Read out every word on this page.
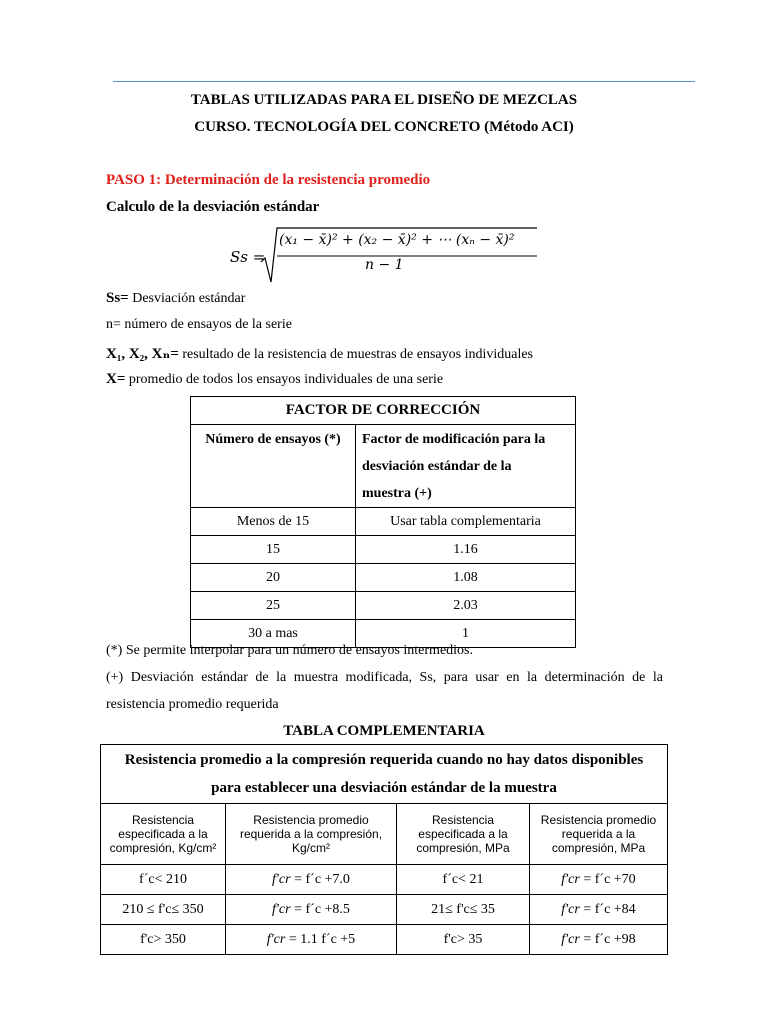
TABLAS UTILIZADAS PARA EL DISEÑO DE MEZCLAS
CURSO. TECNOLOGÍA DEL CONCRETO (Método ACI)
PASO 1: Determinación de la resistencia promedio
Calculo de la desviación estándar
Ss =
(x₁ − x̄)² + (x₂ − x̄)² + ⋯ (xₙ − x̄)²
n − 1
Ss= Desviación estándar
n= número de ensayos de la serie
X₁, X₂, Xₙ= resultado de la resistencia de muestras de ensayos individuales
X= promedio de todos los ensayos individuales de una serie
FACTOR DE CORRECCIÓN	
Número de ensayos (*)	Factor de modificación para la
desviación estándar de la
muestra (+)

Menos de 15	Usar tabla complementaria
15	1.16
20	1.08
25	2.03
30 a mas	1
(*) Se permite interpolar para un número de ensayos intermedios.
(+) Desviación estándar de la muestra modificada, Ss, para usar en la determinación de la
resistencia promedio requerida
TABLA COMPLEMENTARIA
Resistencia promedio a la compresión requerida cuando no hay datos disponibles
para establecer una desviación estándar de la muestra			

Resistencia especificada a la compresión, Kg/cm²	Resistencia promedio requerida a la compresión, Kg/cm²	Resistencia especificada a la compresión, MPa	Resistencia promedio requerida a la compresión, MPa
f´c< 210	f'cr = f´c +7.0	f´c< 21	f'cr = f´c +70
210 ≤ f'c≤ 350	f'cr = f´c +8.5	21≤ f'c≤ 35	f'cr = f´c +84
f'c> 350	f'cr = 1.1 f´c +5	f'c> 35	f'cr = f´c +98
